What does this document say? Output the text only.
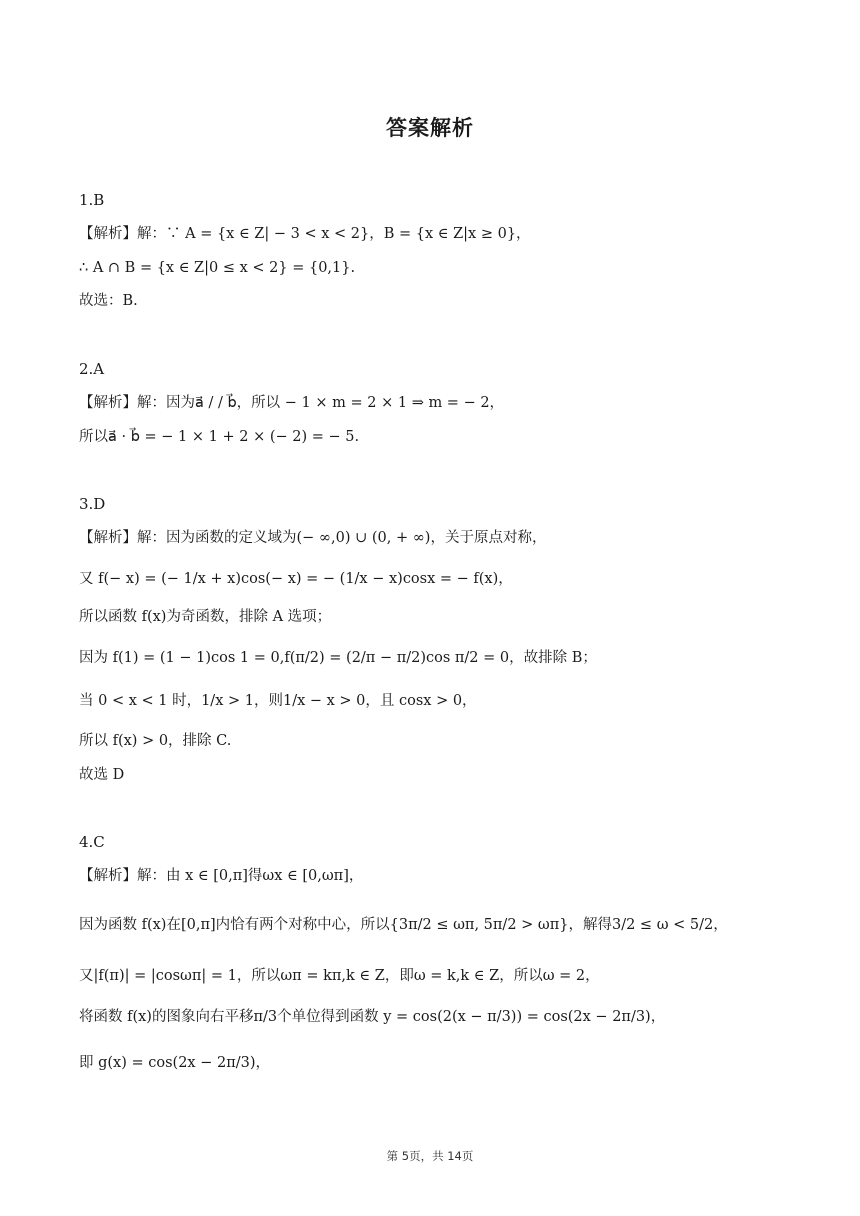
答案解析
1.B
【解析】解：∵ A = {x ∈ Z| − 3 < x < 2}，B = {x ∈ Z|x ≥ 0}，
∴ A ∩ B = {x ∈ Z|0 ≤ x < 2} = {0,1}.
故选：B.
2.A
【解析】解：因为a⃗ / / b⃗，所以 − 1 × m = 2 × 1 ⇒ m = − 2，
所以a⃗ · b⃗ = − 1 × 1 + 2 × (− 2) = − 5.
3.D
【解析】解：因为函数的定义域为(− ∞,0) ∪ (0, + ∞)，关于原点对称，
又 f(− x) = (− 1/x + x)cos(− x) = − (1/x − x)cosx = − f(x)，
所以函数 f(x)为奇函数，排除 A 选项；
因为 f(1) = (1 − 1)cos 1 = 0,f(π/2) = (2/π − π/2)cos π/2 = 0，故排除 B；
当 0 < x < 1 时，1/x > 1，则1/x − x > 0，且 cosx > 0，
所以 f(x) > 0，排除 C.
故选 D
4.C
【解析】解：由 x ∈ [0,π]得ωx ∈ [0,ωπ]，
因为函数 f(x)在[0,π]内恰有两个对称中心，所以{3π/2 ≤ ωπ, 5π/2 > ωπ}，解得3/2 ≤ ω < 5/2，
又|f(π)| = |cosωπ| = 1，所以ωπ = kπ,k ∈ Z，即ω = k,k ∈ Z，所以ω = 2，
将函数 f(x)的图象向右平移π/3个单位得到函数 y = cos(2(x − π/3)) = cos(2x − 2π/3)，
即 g(x) = cos(2x − 2π/3)，
第 5页，共 14页
